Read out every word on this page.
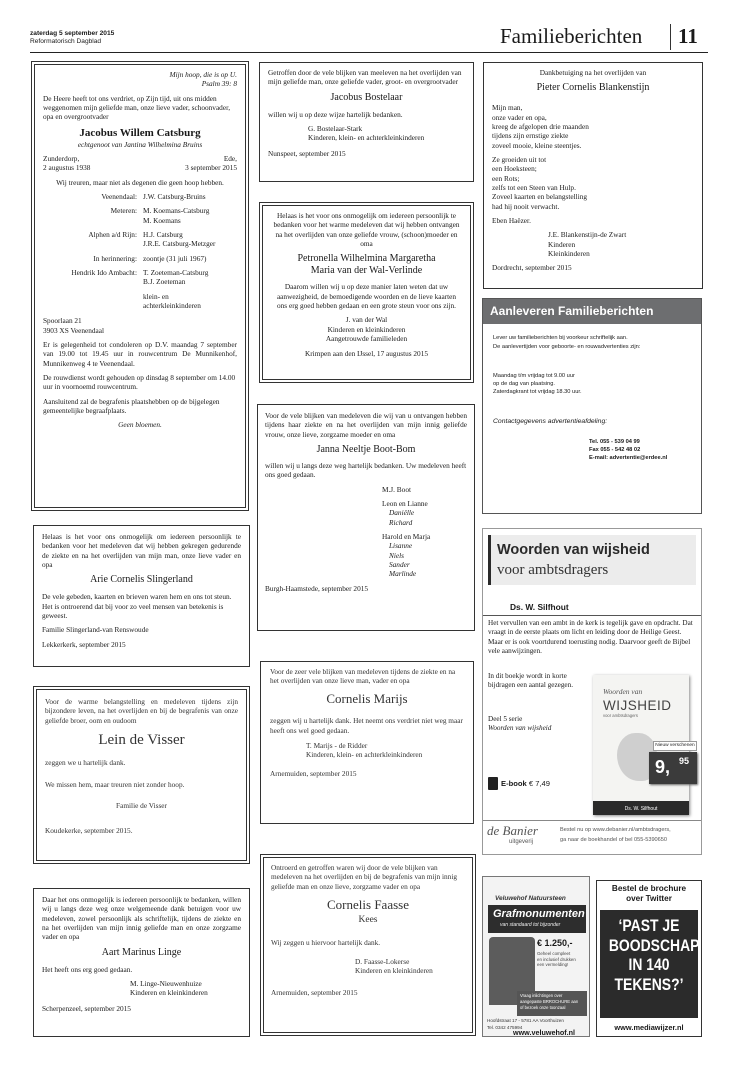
zaterdag 5 september 2015
Reformatorisch Dagblad	Familieberichten 11
Mijn hoop, die is op U.
Psalm 39: 8

De Heere heeft tot ons verdriet, op Zijn tijd, uit ons midden weggenomen mijn geliefde man, onze lieve vader, schoonvader, opa en overgrootvader

Jacobus Willem Catsburg
echtgenoot van Jantina Wilhelmina Bruins
Zunderdorp,
2 augustus 1938
Ede,
3 september 2015

Wij treuren, maar niet als degenen die geen hoop hebben.

Veenendaal: J.W. Catsburg-Bruins
Meteren: M. Koemans-Catsburg
M. Koemans
Alphen a/d Rijn: H.J. Catsburg
J.R.E. Catsburg-Metzger
In herinnering: zoontje (31 juli 1967)
Hendrik Ido Ambacht: T. Zoeteman-Catsburg
B.J. Zoeteman
klein- en
achterkleinkinderen
Spoorlaan 21
3903 XS Veenendaal

Er is gelegenheid tot condoleren op D.V. maandag 7 september van 19.00 tot 19.45 uur in rouwcentrum De Munnikenhof, Munnikenweg 4 te Veenendaal.

De rouwdienst wordt gehouden op dinsdag 8 september om 14.00 uur in voornoemd rouwcentrum.

Aansluitend zal de begrafenis plaatshebben op de bijgelegen gemeentelijke begraafplaats.

Geen bloemen.

Helaas is het voor ons onmogelijk om iedereen persoonlijk te bedanken voor het medeleven dat wij hebben gekregen gedurende de ziekte en na het overlijden van mijn man, onze lieve vader en opa

Arie Cornelis Slingerland

De vele gebeden, kaarten en brieven waren hem en ons tot steun. Het is ontroerend dat bij voor zo veel mensen van betekenis is geweest.

Familie Slingerland-van Renswoude

Lekkerkerk, september 2015

Voor de warme belangstelling en medeleven tijdens zijn bijzondere leven, na het overlijden en bij de begrafenis van onze geliefde broer, oom en oudoom

Lein de Visser

zeggen we u hartelijk dank.

We missen hem, maar treuren niet zonder hoop.

Familie de Visser
Koudekerke, september 2015.

Daar het ons onmogelijk is iedereen persoonlijk te bedanken, willen wij u langs deze weg onze welgemeende dank betuigen voor uw medeleven, zowel persoonlijk als schriftelijk, tijdens de ziekte en na het overlijden van mijn innig geliefde man en onze zorgzame vader en opa

Aart Marinus Linge

Het heeft ons erg goed gedaan.

M. Linge-Nieuwenhuize
Kinderen en kleinkinderen
Scherpenzeel, september 2015

Getroffen door de vele blijken van meeleven na het overlijden van mijn geliefde man, onze geliefde vader, groot- en overgrootvader

Jacobus Bostelaar

willen wij u op deze wijze hartelijk bedanken.

G. Bostelaar-Stark
Kinderen, klein- en achterkleinkinderen
Nunspeet, september 2015

Helaas is het voor ons onmogelijk om iedereen persoonlijk te bedanken voor het warme medeleven dat wij hebben ontvangen na het overlijden van onze geliefde vrouw, (schoon)moeder en oma

Petronella Wilhelmina Margaretha
Maria van der Wal-Verlinde

Daarom willen wij u op deze manier laten weten dat uw aanwezigheid, de bemoedigende woorden en de lieve kaarten ons erg goed hebben gedaan en een grote steun voor ons zijn.

J. van der Wal
Kinderen en kleinkinderen
Aangetrouwde familieleden
Krimpen aan den IJssel, 17 augustus 2015

Voor de vele blijken van medeleven die wij van u ontvangen hebben tijdens haar ziekte en na het overlijden van mijn innig geliefde vrouw, onze lieve, zorgzame moeder en oma

Janna Neeltje Boot-Bom

willen wij u langs deze weg hartelijk bedanken. Uw medeleven heeft ons goed gedaan.

M.J. Boot
Leon en Lianne
Daniëlle
Richard
Harold en Marja
Lisanne
Niels
Sander
Marlinde
Burgh-Haamstede, september 2015

Voor de zeer vele blijken van medeleven tijdens de ziekte en na het overlijden van onze lieve man, vader en opa

Cornelis Marijs

zeggen wij u hartelijk dank. Het neemt ons verdriet niet weg maar heeft ons wel goed gedaan.

T. Marijs - de Ridder
Kinderen, klein- en achterkleinkinderen
Arnemuiden, september 2015

Ontroerd en getroffen waren wij door de vele blijken van medeleven na het overlijden en bij de begrafenis van mijn innig geliefde man en onze lieve, zorgzame vader en opa

Cornelis Faasse
Kees

Wij zeggen u hiervoor hartelijk dank.

D. Faasse-Lokerse
Kinderen en kleinkinderen
Arnemuiden, september 2015
Dankbetuiging na het overlijden van
Pieter Cornelis Blankenstijn
Mijn man,
onze vader en opa,
kreeg de afgelopen drie maanden
tijdens zijn ernstige ziekte
zoveel mooie, kleine steentjes.
Ze groeiden uit tot
een Hoeksteen;
een Rots;
zelfs tot een Steen van Hulp.
Zoveel kaarten en belangstelling
had hij nooit verwacht.
Eben Haëzer.
J.E. Blankenstijn-de Zwart
Kinderen
Kleinkinderen
Dordrecht, september 2015
Aanleveren Familieberichten
Lever uw familieberichten bij voorkeur schriftelijk aan.
De aanlevertijden voor geboorte- en rouwadvertenties zijn:
Maandag t/m vrijdag tot 9.00 uur
op de dag van plaatsing.
Zaterdagkrant tot vrijdag 18.30 uur.
Contactgegevens advertentieafdeling:
Tel. 055 - 539 04 99
Fax 055 - 542 48 02
E-mail: advertentie@erdee.nl
Woorden van wijsheid
voor ambtsdragers
Ds. W. Silfhout
Het vervullen van een ambt in de kerk is tegelijk gave en opdracht. Dat vraagt in de eerste plaats om licht en leiding door de Heilige Geest. Maar er is ook voortdurend toerusting nodig. Daarvoor geeft de Bijbel vele aanwijzingen.
In dit boekje wordt in korte bijdragen een aantal gezegen.
Deel 5 serie
Woorden van wijsheid
E-book € 7,49
Woorden van
WIJSHEID
voor ambtsdragers
Ds. W. Silfhout
Nieuw verschenen
9, 95
de Banier
uitgeverij
Bestel nu op www.debanier.nl/ambtsdragers,
ga naar de boekhandel of bel 055-5390650
Veluwehof Natuursteen
Grafmonumenten
van standaard tot bijzonder
€ 1.250,-
Geheel compleet
en inclusief drukken
een vermelding!
Vraag inlichtingen over
aangepaste BRROCHURE aan
of bezoek onze toonzaal
Hoofdstraat 17 - 5781 AA Voorthuizen
Tel. 0342 475994
www.veluwehof.nl
Bestel de brochure
over Twitter
‘PAST JE
BOODSCHAP
IN 140
TEKENS?’
www.mediawijzer.nl
